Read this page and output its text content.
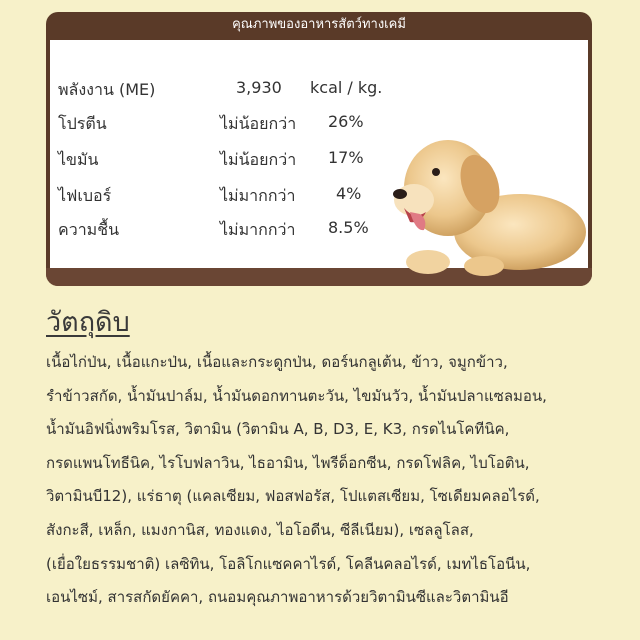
คุณภาพของอาหารสัตว์ทางเคมี
พลังงาน (ME)	3,930 kcal / kg.
โปรตีน	ไม่น้อยกว่า 26%
ไขมัน	ไม่น้อยกว่า 17%
ไฟเบอร์	ไม่มากกว่า	4%
ความชื้น	ไม่มากกว่า 8.5%
วัตถุดิบ
เนื้อไก่ป่น, เนื้อแกะป่น, เนื้อและกระดูกป่น, ดอร์นกลูเต้น, ข้าว, จมูกข้าว,
รำข้าวสกัด, น้ำมันปาล์ม, น้ำมันดอกทานตะวัน, ไขมันวัว, น้ำมันปลาแซลมอน,
น้ำมันอิฟนิ่งพริมโรส, วิตามิน (วิตามิน A, B, D3, E, K3, กรดไนโคทีนิค,
กรดแพนโทธีนิค, ไรโบฟลาวิน, ไธอามิน, ไพรีด็อกซีน, กรดโฟลิค, ไบโอติน,
วิตามินบี12), แร่ธาตุ (แคลเซียม, ฟอสฟอรัส, โปแตสเซียม, โซเดียมคลอไรด์,
สังกะสี, เหล็ก, แมงกานิส, ทองแดง, ไอโอดีน, ซีลีเนียม), เซลลูโลส,
(เยื่อใยธรรมชาติ) เลซิทิน, โอลิโกแซคคาไรด์, โคลีนคลอไรด์, เมทไธโอนีน,
เอนไซม์, สารสกัดยัคคา, ถนอมคุณภาพอาหารด้วยวิตามินซีและวิตามินอี
